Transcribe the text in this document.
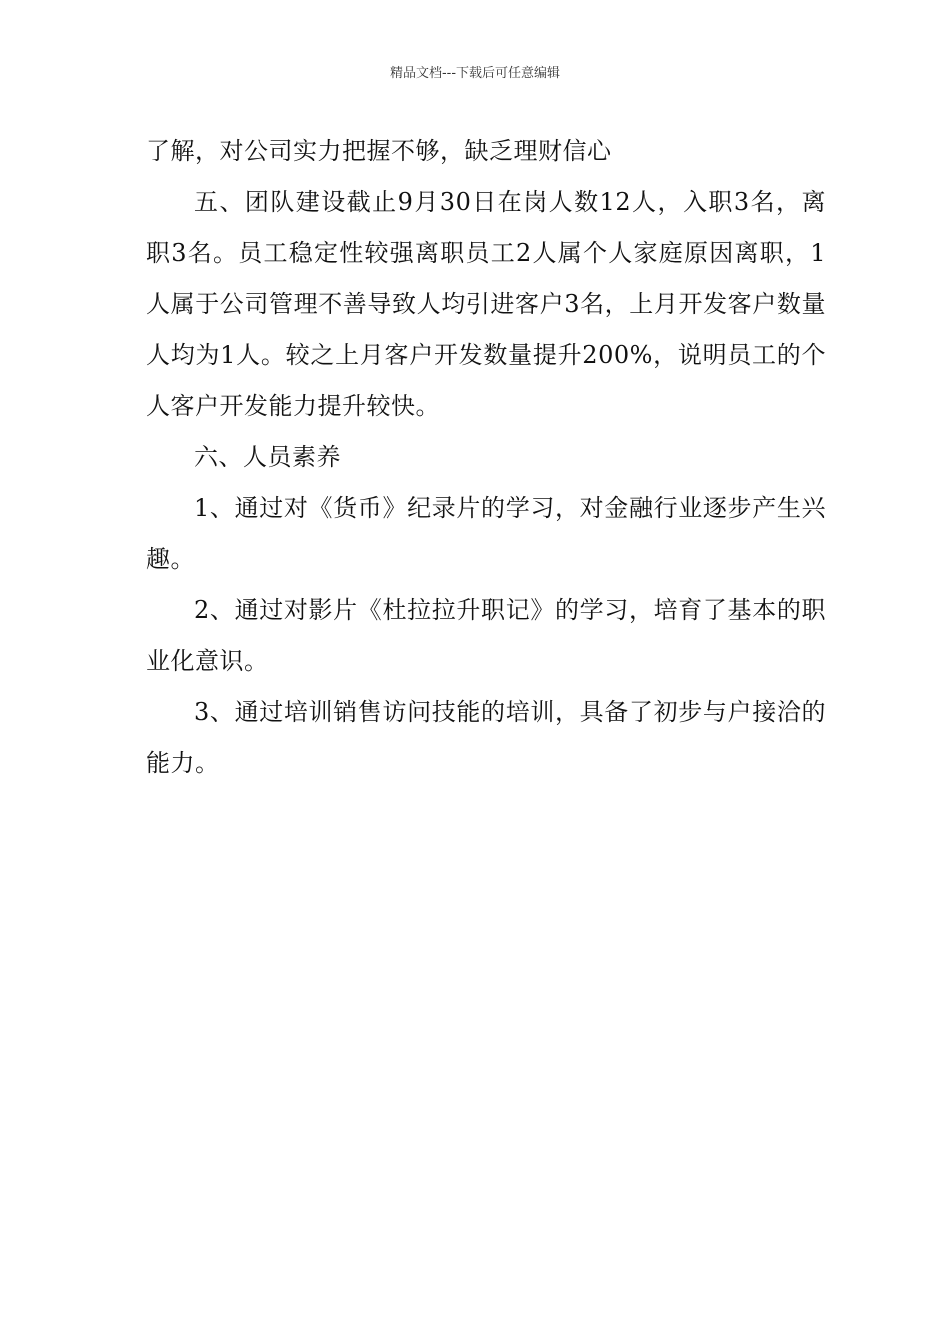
精品文档---下载后可任意编辑

了解，对公司实力把握不够，缺乏理财信心

五、团队建设截止9月30日在岗人数12人，入职3名，离职3名。员工稳定性较强离职员工2人属个人家庭原因离职，1人属于公司管理不善导致人均引进客户3名，上月开发客户数量人均为1人。较之上月客户开发数量提升200%，说明员工的个人客户开发能力提升较快。

六、人员素养

1、通过对《货币》纪录片的学习，对金融行业逐步产生兴趣。

2、通过对影片《杜拉拉升职记》的学习，培育了基本的职业化意识。

3、通过培训销售访问技能的培训，具备了初步与户接洽的能力。
